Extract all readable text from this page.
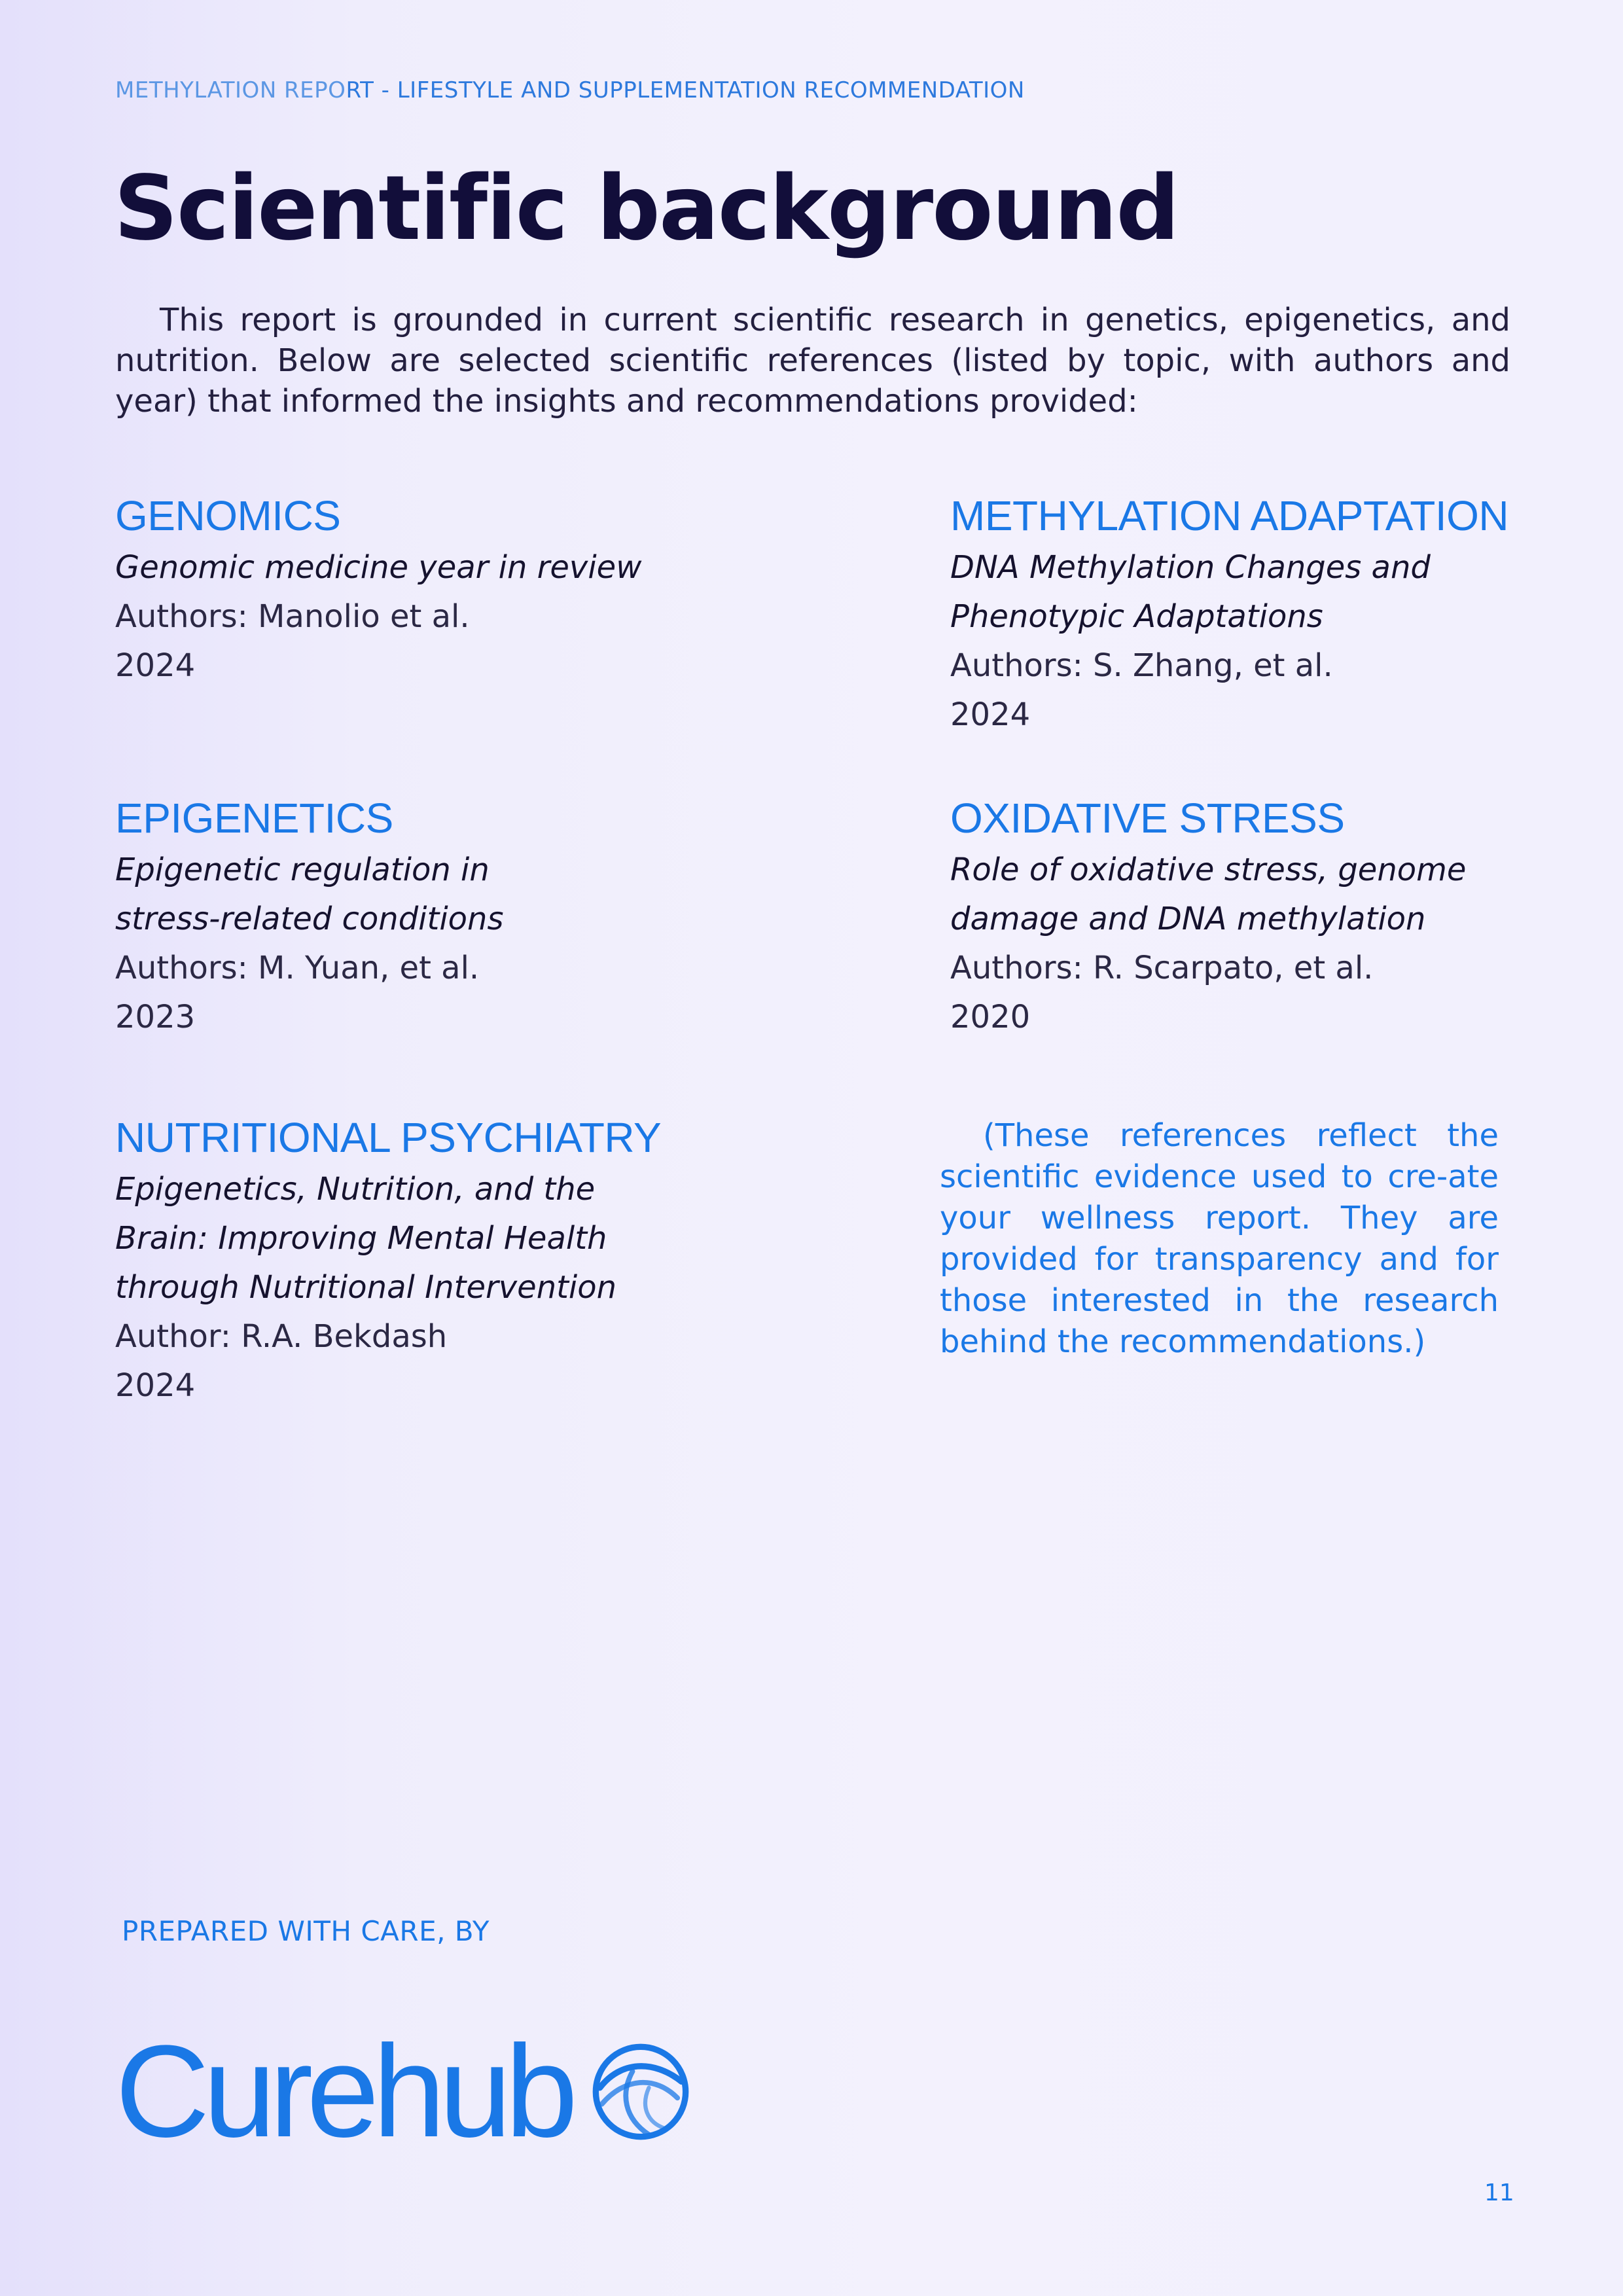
METHYLATION REPORT - LIFESTYLE AND SUPPLEMENTATION RECOMMENDATION
Scientific background

This report is grounded in current scientific research in genetics, epigenetics, and nutrition. Below are selected scientific references (listed by topic, with authors and year) that informed the insights and recommendations provided:

GENOMICS
Genomic medicine year in review
Authors: Manolio et al.
2024
EPIGENETICS
Epigenetic regulation in stress-related conditions
Authors: M. Yuan, et al.
2023
NUTRITIONAL PSYCHIATRY
Epigenetics, Nutrition, and the Brain: Improving Mental Health through Nutritional Intervention
Author: R.A. Bekdash
2024
METHYLATION ADAPTATION
DNA Methylation Changes and Phenotypic Adaptations
Authors: S. Zhang, et al.
2024
OXIDATIVE STRESS
Role of oxidative stress, genome damage and DNA methylation
Authors: R. Scarpato, et al.
2020

(These references reflect the scientific evidence used to cre-ate your wellness report. They are provided for transparency and for those interested in the research behind the recommendations.)

PREPARED WITH CARE, BY
Curehub
11
